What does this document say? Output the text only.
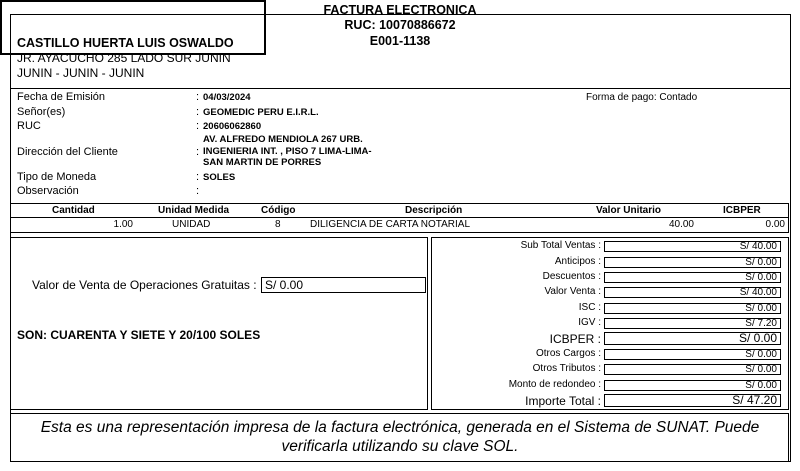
CASTILLO HUERTA LUIS OSWALDO
JR. AYACUCHO 285 LADO SUR JUNIN
JUNIN - JUNIN - JUNIN
FACTURA ELECTRONICA
RUC: 10070886672
E001-1138
Fecha de Emisión	: 04/03/2024	Forma de pago: Contado
Señor(es)	: GEOMEDIC PERU E.I.R.L.
RUC	: 20606062860
AV. ALFREDO MENDIOLA 267 URB.
Dirección del Cliente	: INGENIERIA INT. , PISO 7 LIMA-LIMA-
SAN MARTIN DE PORRES
Tipo de Moneda	: SOLES
Observación	:
Cantidad	Unidad Medida	Código	Descripción	Valor Unitario	ICBPER
1.00	UNIDAD	8	DILIGENCIA DE CARTA NOTARIAL	40.00	0.00
Valor de Venta de Operaciones Gratuitas : S/ 0.00
SON: CUARENTA Y SIETE Y 20/100 SOLES
Sub Total Ventas :	S/ 40.00
Anticipos :	S/ 0.00
Descuentos :	S/ 0.00
Valor Venta :	S/ 40.00
ISC :	S/ 0.00
IGV :	S/ 7.20
ICBPER :	S/ 0.00
Otros Cargos :	S/ 0.00
Otros Tributos :	S/ 0.00
Monto de redondeo :	S/ 0.00
Importe Total :	S/ 47.20
Esta es una representación impresa de la factura electrónica, generada en el Sistema de SUNAT. Puede verificarla utilizando su clave SOL.
